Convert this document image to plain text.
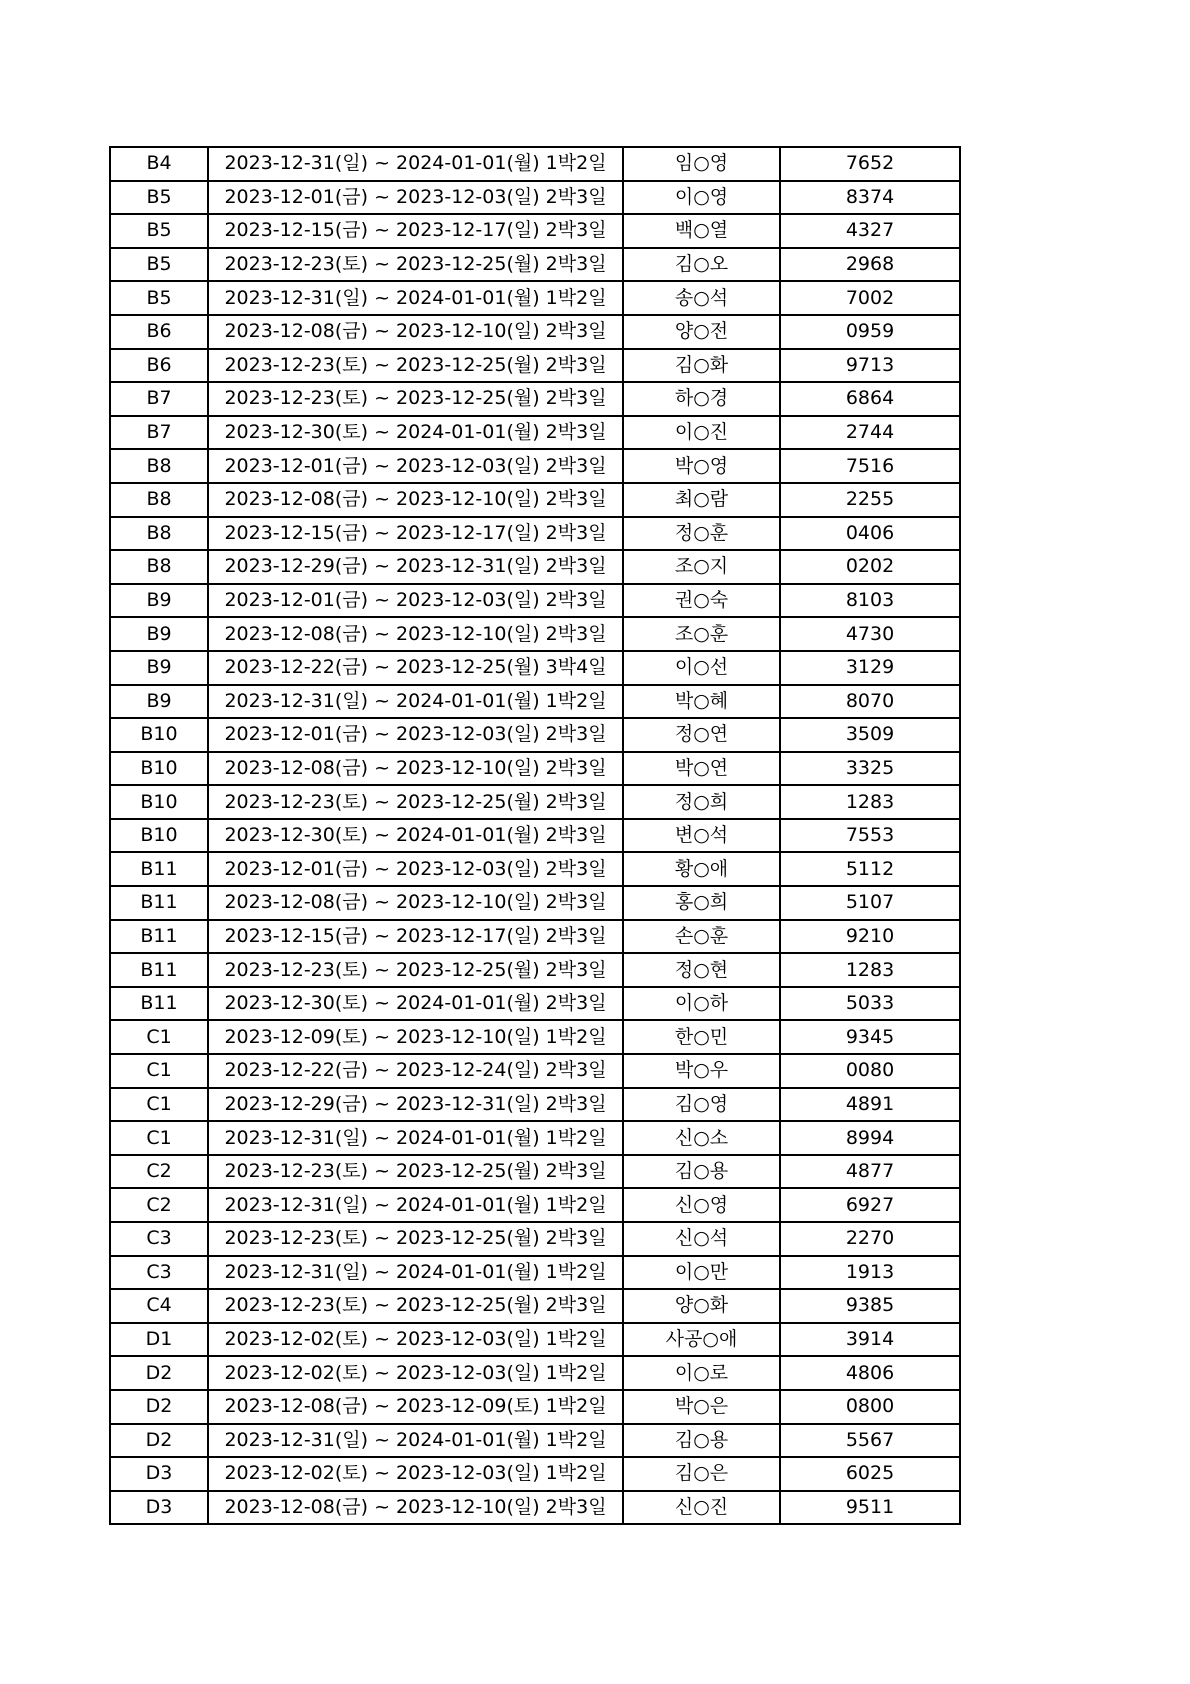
B4	2023-12-31(일) ~ 2024-01-01(월) 1박2일	임○영	7652
B5	2023-12-01(금) ~ 2023-12-03(일) 2박3일	이○영	8374
B5	2023-12-15(금) ~ 2023-12-17(일) 2박3일	백○열	4327
B5	2023-12-23(토) ~ 2023-12-25(월) 2박3일	김○오	2968
B5	2023-12-31(일) ~ 2024-01-01(월) 1박2일	송○석	7002
B6	2023-12-08(금) ~ 2023-12-10(일) 2박3일	양○전	0959
B6	2023-12-23(토) ~ 2023-12-25(월) 2박3일	김○화	9713
B7	2023-12-23(토) ~ 2023-12-25(월) 2박3일	하○경	6864
B7	2023-12-30(토) ~ 2024-01-01(월) 2박3일	이○진	2744
B8	2023-12-01(금) ~ 2023-12-03(일) 2박3일	박○영	7516
B8	2023-12-08(금) ~ 2023-12-10(일) 2박3일	최○람	2255
B8	2023-12-15(금) ~ 2023-12-17(일) 2박3일	정○훈	0406
B8	2023-12-29(금) ~ 2023-12-31(일) 2박3일	조○지	0202
B9	2023-12-01(금) ~ 2023-12-03(일) 2박3일	권○숙	8103
B9	2023-12-08(금) ~ 2023-12-10(일) 2박3일	조○훈	4730
B9	2023-12-22(금) ~ 2023-12-25(월) 3박4일	이○선	3129
B9	2023-12-31(일) ~ 2024-01-01(월) 1박2일	박○혜	8070
B10	2023-12-01(금) ~ 2023-12-03(일) 2박3일	정○연	3509
B10	2023-12-08(금) ~ 2023-12-10(일) 2박3일	박○연	3325
B10	2023-12-23(토) ~ 2023-12-25(월) 2박3일	정○희	1283
B10	2023-12-30(토) ~ 2024-01-01(월) 2박3일	변○석	7553
B11	2023-12-01(금) ~ 2023-12-03(일) 2박3일	황○애	5112
B11	2023-12-08(금) ~ 2023-12-10(일) 2박3일	홍○희	5107
B11	2023-12-15(금) ~ 2023-12-17(일) 2박3일	손○훈	9210
B11	2023-12-23(토) ~ 2023-12-25(월) 2박3일	정○현	1283
B11	2023-12-30(토) ~ 2024-01-01(월) 2박3일	이○하	5033
C1	2023-12-09(토) ~ 2023-12-10(일) 1박2일	한○민	9345
C1	2023-12-22(금) ~ 2023-12-24(일) 2박3일	박○우	0080
C1	2023-12-29(금) ~ 2023-12-31(일) 2박3일	김○영	4891
C1	2023-12-31(일) ~ 2024-01-01(월) 1박2일	신○소	8994
C2	2023-12-23(토) ~ 2023-12-25(월) 2박3일	김○용	4877
C2	2023-12-31(일) ~ 2024-01-01(월) 1박2일	신○영	6927
C3	2023-12-23(토) ~ 2023-12-25(월) 2박3일	신○석	2270
C3	2023-12-31(일) ~ 2024-01-01(월) 1박2일	이○만	1913
C4	2023-12-23(토) ~ 2023-12-25(월) 2박3일	양○화	9385
D1	2023-12-02(토) ~ 2023-12-03(일) 1박2일	사공○애	3914
D2	2023-12-02(토) ~ 2023-12-03(일) 1박2일	이○로	4806
D2	2023-12-08(금) ~ 2023-12-09(토) 1박2일	박○은	0800
D2	2023-12-31(일) ~ 2024-01-01(월) 1박2일	김○용	5567
D3	2023-12-02(토) ~ 2023-12-03(일) 1박2일	김○은	6025
D3	2023-12-08(금) ~ 2023-12-10(일) 2박3일	신○진	9511
